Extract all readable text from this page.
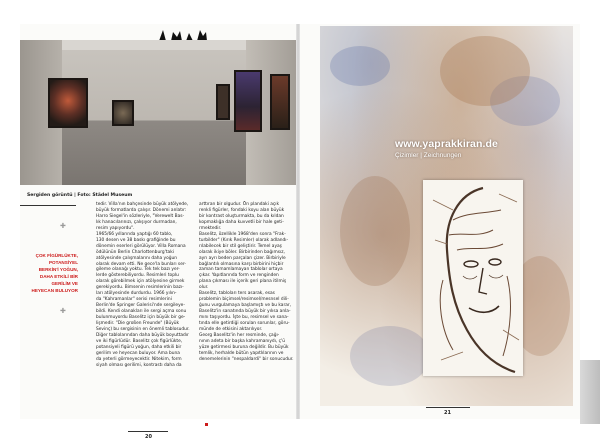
Sergiden görüntü | Foto: Städel Museum
✚
ÇOK FİGÜRLÜKTE, POTANSİYEL BERKİN'İ YOĞUN, DAHA ETKİLİ BİR GERİLİM VE HEYECAN BULUYOR
✚
tedir. Villa'nın bahçesinde büyük atölyede,
büyük formatlarda çalışır. Dönemi anlatır:
Harro Siegel'in sözleriyle, "Verewelt Bas-
lık hanacılarınızı, çalışıyor durmadan,
resim yapıyordu".
1965/66 yıllarında yaptığı 60 tablo,
130 desen ve 38 baskı grafiğinde bu
dönemin eserleri görülüyor. Villa Romana
ödülünün Berlin Charlottenburg'taki
atölyesinde çalışmalarını daha yoğun
olarak devam etti. Ne gece'la bunları ser-
gileme olanağı yoktu. Tek tek bazı yer-
lerde gösterebiliyordu. Resimleri toplu
olarak görebilmek için atölyesine girmek
gerekiyordu. Bimsenin resimlerinin bazı-
ları atölyesinde durdurdu. 1966 yılın-
da "Kahramanlar" serisi resimlerini
Berlin'de Springer Galerisi'nde sergileye-
bildi. Kendi olanakları ile sergi açma sonu
bulunmuyordu Baselitz için büyük bir ge-
lişmedir. "Die großen Freunde" (Büyük
Sevinç) bu sergisinin en önemli tablosudur.
Diğer tablolarından daha büyük boyuttadır
ve iki figürlüdür. Baselitz çok figürlükte,
potansiyeli figürü yoğun, daha etkili bir
gerilim ve heyecan buluyor. Ama buna
da yeterli görmeyecektir. Nitekim, form
siyah olması gerilimi, kontrastı daha da
arttıran bir olgudur. Ön plandaki açık
renkli figürler, fondaki koyu alan büyük
bir kontrast oluşturmakta, bu da kıldan
kopmaklığa daha kuvvetli bir hale geti-
rmektedir.
Baselitz, özellikle 1968'den sonra "Frak-
turbilder" (Kırık Resimler) olarak adlandı-
rılabilecek bir stil geliştirir. Temel ayaş
olarak ikiye böler. Birbirinden bağımsız,
ayrı ayrı beden parçaları çizer. Birbiriyle
bağlantılı olmasına karşı birbirini hiçbir
zaman tamamlamayan tablolar ortaya
çıkar. Yapıtlarında form ve renginden
plana çıkması ile içerik geri plana itilmiş
olur.
Baselitz, tabloları ters asarak, esas
problemin biçimsel/resimsel/mesnsel dili-
ğunu vurgulamaya başlamıştı ve bu karar,
Baselitz'in sanatında büyük bir yılısa anla-
mını taşıyordu. İşte bu, resimsel ve sana-
tında elle getirdiği sorulan sorunlar, göru-
münde de etkisini aktarılıyor.
Georg Baselitz'in her resminde, çağı-
nının adeta bir başka kahramanıydı, ç'ü
yüze getirmesi buruna değildir. Bu büyük
temlik, herhalde bütün yapıtlılarının ve
denemelerinin "nespaldardi" bir sonucudur.
20
www.yaprakkiran.de
Çizimler | Zeichnungen
21
